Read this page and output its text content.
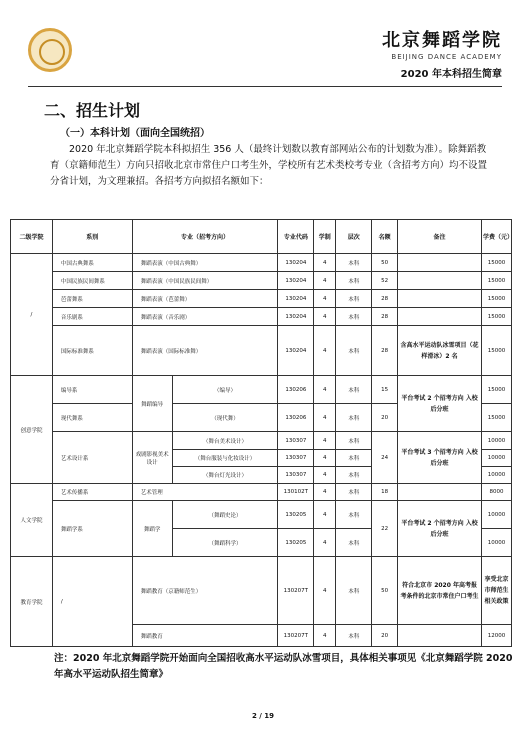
北京舞蹈学院
BEIJING DANCE ACADEMY
2020 年本科招生简章
二、招生计划
（一）本科计划（面向全国统招）
2020 年北京舞蹈学院本科拟招生 356 人（最终计划数以教育部网站公布的计划数为准）。除舞蹈教育（京籍师范生）方向只招收北京市常住户口考生外，学校所有艺术类校考专业（含招考方向）均不设置分省计划，为文理兼招。各招考方向拟招名额如下：
二级学院	系别	专业（招考方向）		专业代码	学制	层次	名额	备注	学费（元）
/	中国古典舞系	舞蹈表演（中国古典舞）		130204	4	本科	50		15000
	中国民族民间舞系	舞蹈表演（中国民族民间舞）		130204	4	本科	52		15000
	芭蕾舞系	舞蹈表演（芭蕾舞）		130204	4	本科	28		15000
	音乐剧系	舞蹈表演（音乐剧）		130204	4	本科	28		15000
	国际标准舞系	舞蹈表演（国际标准舞）		130204	4	本科	28	含高水平运动队冰雪项目（花样滑冰）2 名	15000
创意学院	编导系	舞蹈编导	（编导）	130206	4	本科	15	平台考试 2 个招考方向 入校后分班	15000
	现代舞系		（现代舞）	130206	4	本科	20		15000
	艺术设计系	戏剧影视美术设计	（舞台美术设计）	130307	4	本科	24	平台考试 3 个招考方向 入校后分班	10000
			（舞台服装与化妆设计）	130307	4	本科			10000
			（舞台灯光设计）	130307	4	本科			10000
人文学院	艺术传播系	艺术管理		130102T	4	本科	18		8000
	舞蹈学系	舞蹈学	（舞蹈史论）	130205	4	本科	22	平台考试 2 个招考方向 入校后分班	10000
			（舞蹈科学）	130205	4	本科			10000
教育学院	/	舞蹈教育（京籍师范生）		130207T	4	本科	50	符合北京市 2020 年高考报考条件的北京市常住户口考生	享受北京市师范生相关政策
		舞蹈教育		130207T	4	本科	20		12000
注：2020 年北京舞蹈学院开始面向全国招收高水平运动队冰雪项目，具体相关事项见《北京舞蹈学院 2020 年高水平运动队招生简章》
2 / 19
